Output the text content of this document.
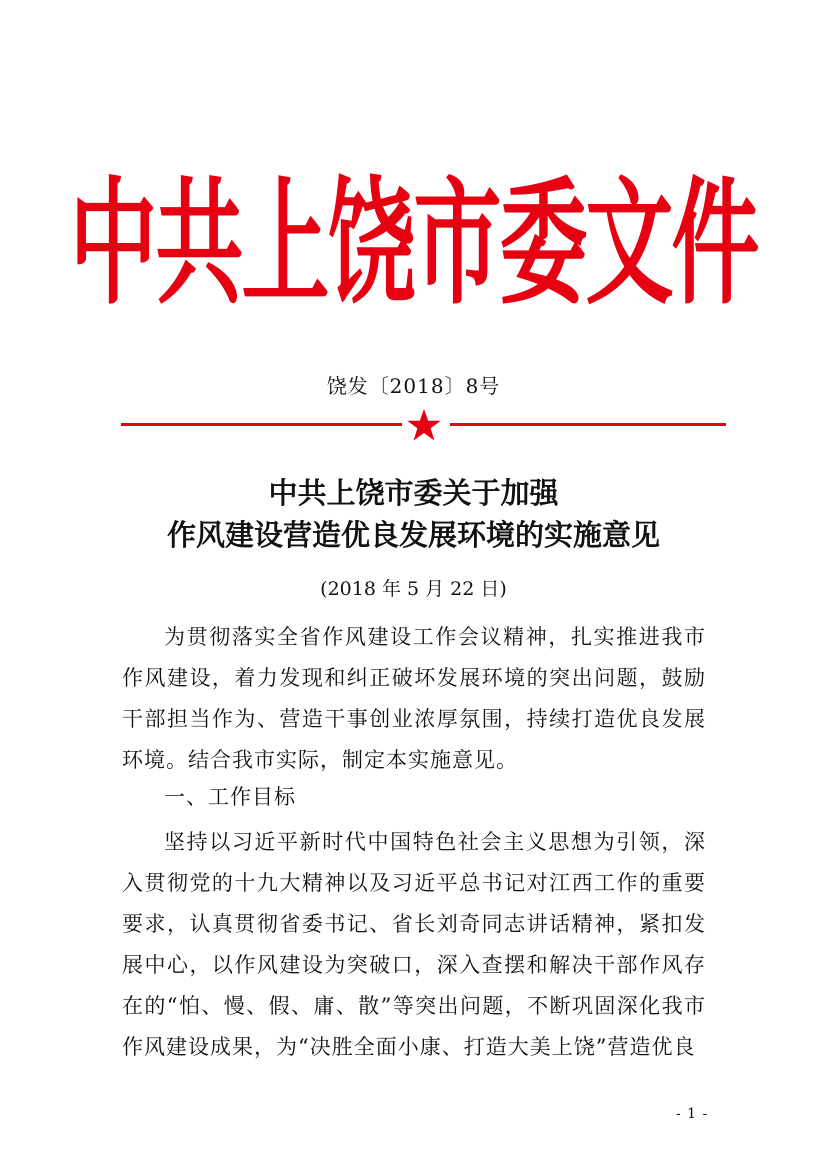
中共上饶市委文件
饶发〔2018〕8号
中共上饶市委关于加强
作风建设营造优良发展环境的实施意见
(2018 年 5 月 22 日)
为贯彻落实全省作风建设工作会议精神，扎实推进我市作风建设，着力发现和纠正破坏发展环境的突出问题，鼓励干部担当作为、营造干事创业浓厚氛围，持续打造优良发展环境。结合我市实际，制定本实施意见。
一、工作目标
坚持以习近平新时代中国特色社会主义思想为引领，深入贯彻党的十九大精神以及习近平总书记对江西工作的重要要求，认真贯彻省委书记、省长刘奇同志讲话精神，紧扣发展中心，以作风建设为突破口，深入查摆和解决干部作风存在的“怕、慢、假、庸、散”等突出问题，不断巩固深化我市作风建设成果，为“决胜全面小康、打造大美上饶”营造优良
- 1 -
